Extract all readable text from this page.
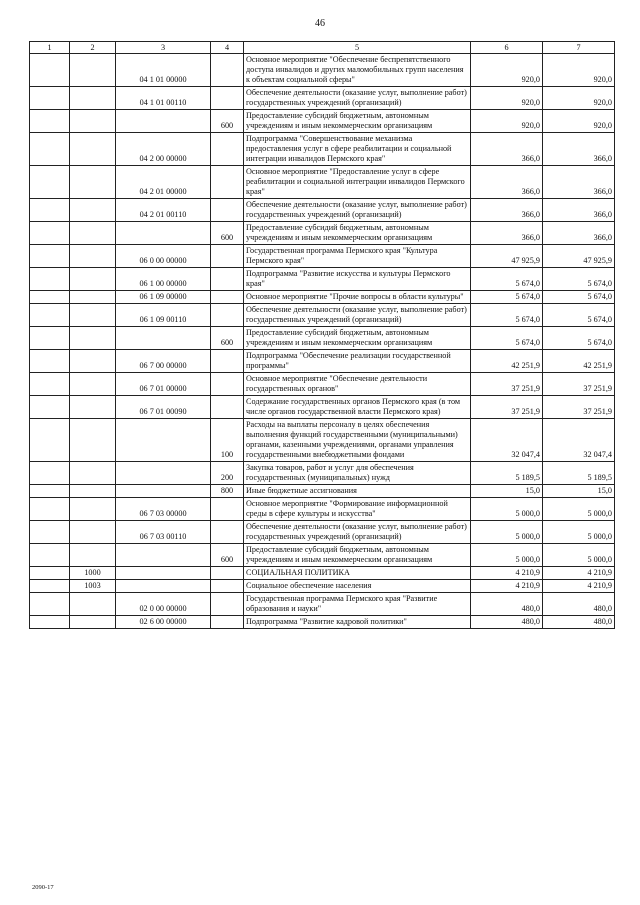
46
1	2	3	4	5	6	7
		04 1 01 00000		Основное мероприятие "Обеспечение беспрепятственного доступа инвалидов и других маломобильных групп населения к объектам социальной сферы"	920,0	920,0
		04 1 01 00110		Обеспечение деятельности (оказание услуг, выполнение работ) государственных учреждений (организаций)	920,0	920,0
			600	Предоставление субсидий бюджетным, автономным учреждениям и иным некоммерческим организациям	920,0	920,0
		04 2 00 00000		Подпрограмма "Совершенствование механизма предоставления услуг в сфере реабилитации и социальной интеграции инвалидов Пермского края"	366,0	366,0
		04 2 01 00000		Основное мероприятие "Предоставление услуг в сфере реабилитации и социальной интеграции инвалидов Пермского края"	366,0	366,0
		04 2 01 00110		Обеспечение деятельности (оказание услуг, выполнение работ) государственных учреждений (организаций)	366,0	366,0
			600	Предоставление субсидий бюджетным, автономным учреждениям и иным некоммерческим организациям	366,0	366,0
		06 0 00 00000		Государственная программа Пермского края "Культура Пермского края"	47 925,9	47 925,9
		06 1 00 00000		Подпрограмма "Развитие искусства и культуры Пермского края"	5 674,0	5 674,0
		06 1 09 00000		Основное мероприятие "Прочие вопросы в области культуры"	5 674,0	5 674,0
		06 1 09 00110		Обеспечение деятельности (оказание услуг, выполнение работ) государственных учреждений (организаций)	5 674,0	5 674,0
			600	Предоставление субсидий бюджетным, автономным учреждениям и иным некоммерческим организациям	5 674,0	5 674,0
		06 7 00 00000		Подпрограмма "Обеспечение реализации государственной программы"	42 251,9	42 251,9
		06 7 01 00000		Основное мероприятие "Обеспечение деятельности государственных органов"	37 251,9	37 251,9
		06 7 01 00090		Содержание государственных органов Пермского края (в том числе органов государственной власти Пермского края)	37 251,9	37 251,9
			100	Расходы на выплаты персоналу в целях обеспечения выполнения функций государственными (муниципальными) органами, казенными учреждениями, органами управления государственными внебюджетными фондами	32 047,4	32 047,4
			200	Закупка товаров, работ и услуг для обеспечения государственных (муниципальных) нужд	5 189,5	5 189,5
			800	Иные бюджетные ассигнования	15,0	15,0
		06 7 03 00000		Основное мероприятие "Формирование информационной среды в сфере культуры и искусства"	5 000,0	5 000,0
		06 7 03 00110		Обеспечение деятельности (оказание услуг, выполнение работ) государственных учреждений (организаций)	5 000,0	5 000,0
			600	Предоставление субсидий бюджетным, автономным учреждениям и иным некоммерческим организациям	5 000,0	5 000,0
	1000			СОЦИАЛЬНАЯ ПОЛИТИКА	4 210,9	4 210,9
	1003			Социальное обеспечение населения	4 210,9	4 210,9
		02 0 00 00000		Государственная программа Пермского края "Развитие образования и науки"	480,0	480,0
		02 6 00 00000		Подпрограмма "Развитие кадровой политики"	480,0	480,0
2090-17
